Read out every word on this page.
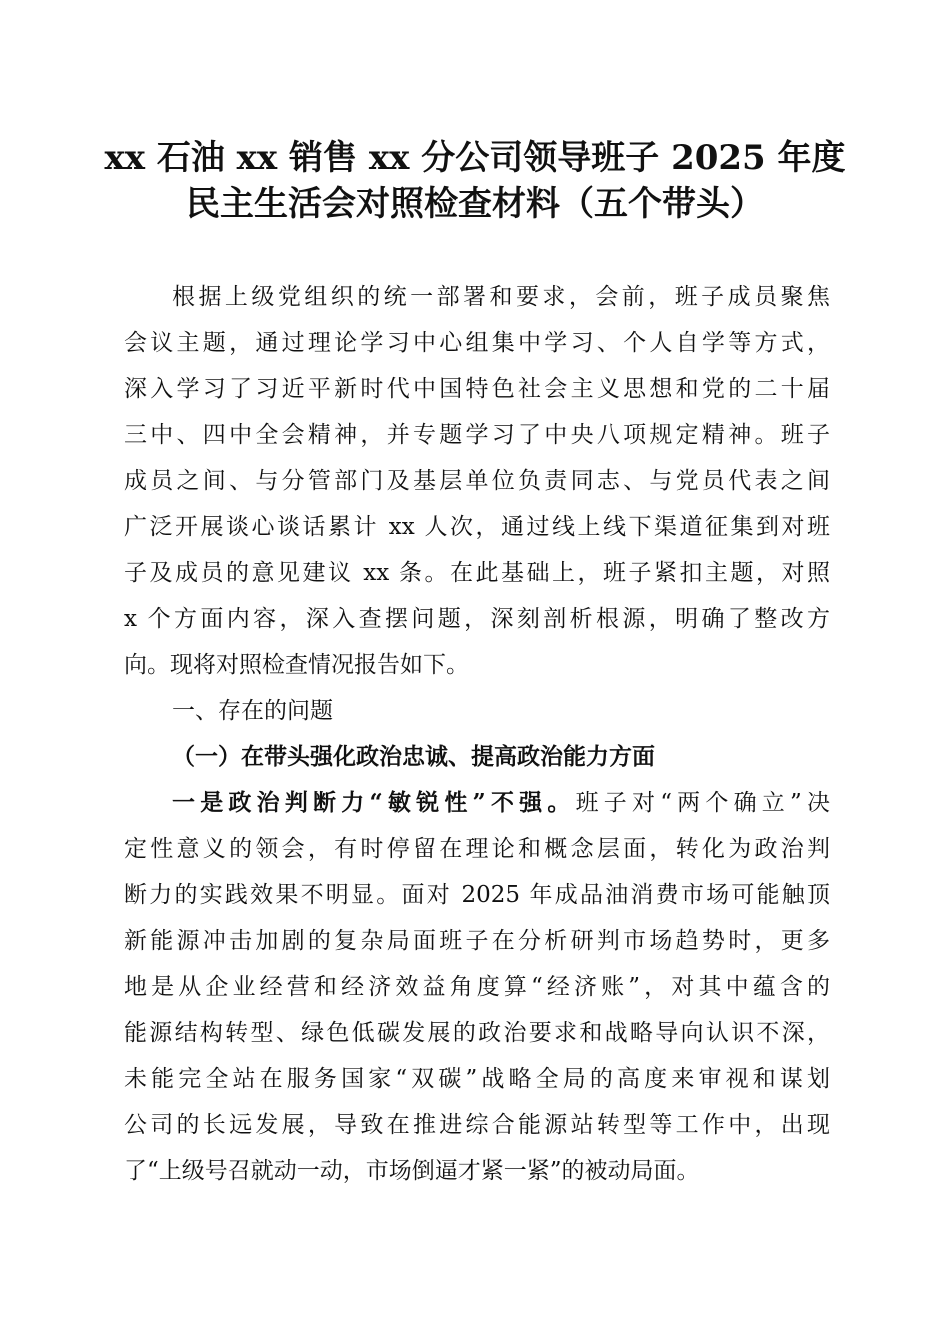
xx 石油 xx 销售 xx 分公司领导班子 2025 年度

民主生活会对照检查材料（五个带头）

根据上级党组织的统一部署和要求，会前，班子成员聚焦

会议主题，通过理论学习中心组集中学习、个人自学等方式，

深入学习了习近平新时代中国特色社会主义思想和党的二十届

三中、四中全会精神，并专题学习了中央八项规定精神。班子

成员之间、与分管部门及基层单位负责同志、与党员代表之间

广泛开展谈心谈话累计 xx 人次，通过线上线下渠道征集到对班

子及成员的意见建议 xx 条。在此基础上，班子紧扣主题，对照

x 个方面内容，深入查摆问题，深刻剖析根源，明确了整改方

向。现将对照检查情况报告如下。

一、存在的问题

（一）在带头强化政治忠诚、提高政治能力方面

一是政治判断力“敏锐性”不强。班子对“两个确立”决

定性意义的领会，有时停留在理论和概念层面，转化为政治判

断力的实践效果不明显。面对 2025 年成品油消费市场可能触顶

新能源冲击加剧的复杂局面班子在分析研判市场趋势时，更多

地是从企业经营和经济效益角度算“经济账”，对其中蕴含的

能源结构转型、绿色低碳发展的政治要求和战略导向认识不深，

未能完全站在服务国家“双碳”战略全局的高度来审视和谋划

公司的长远发展，导致在推进综合能源站转型等工作中，出现

了“上级号召就动一动，市场倒逼才紧一紧”的被动局面。
